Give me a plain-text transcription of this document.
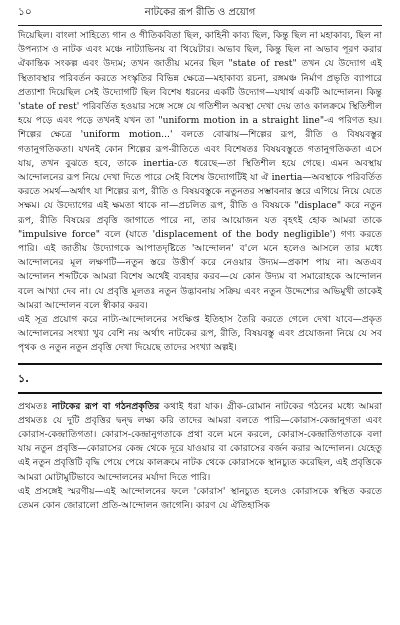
১০	নাটকের রূপ রীতি ও প্রয়োগ

দিয়েছিল। বাংলা সাহিত্যে গান ও গীতিকবিতা ছিল, কাহিনী কাব্য ছিল, কিন্তু ছিল না মহাকাব্য, ছিল না উপন্যাস ও নাটক এবং মঞ্চে নাট্যাভিনয় বা থিয়েটার। অভাব ছিল, কিন্তু ছিল না অভাব পূরণ করার ঐকান্তিক সংকল্প এবং উদ্যম; তখন জাতীয় মনের ছিল "state of rest" তখন যে উদ্যোগ এই স্থিতাবস্থার পরিবর্তন করতে সংস্কৃতির বিভিন্ন ক্ষেত্রে—মহাকাব্য রচনা, রঙ্গমঞ্চ নির্মাণ প্রভৃতি ব্যাপারে প্রত্যাশা দিয়েছিল সেই উদ্যোগটি ছিল বিশেষ ধরনের একটি উদ্যোগ—যথার্থ একটি আন্দোলন। কিন্তু 'state of rest' পরিবর্তিত হওয়ার সঙ্গে সঙ্গে যে গতিশীল অবস্থা দেখা দেয় তাও কালক্রমে স্থিতিশীল হয়ে পড়ে এবং পড়ে তখনই যখন তা "uniform motion in a straight line"-এ পরিণত হয়। শিল্পের ক্ষেত্রে 'uniform motion...' বলতে বোঝায়—শিল্পের রূপ, রীতি ও বিষয়বস্তুর গতানুগতিকতা। যখনই কোন শিল্পের রূপ-রীতিতে এবং বিশেষতঃ বিষয়বস্তুতে গতানুগতিকতা এসে যায়, তখন বুঝতে হবে, তাকে inertia-তে ধরেছে—তা স্থিতিশীল হয়ে গেছে। এমন অবস্থায় আন্দোলনের রূপ নিয়ে দেখা দিতে পারে সেই বিশেষ উদ্যোগটিই যা ঐ inertia—অবস্থাকে পরিবর্তিত করতে সমর্থ—অর্থাৎ যা শিল্পের রূপ, রীতি ও বিষয়বস্তুকে নতুনতর সম্ভাবনার স্তরে এগিয়ে নিয়ে যেতে সক্ষম। যে উদ্যোগের এই ক্ষমতা থাকে না—প্রচলিত রূপ, রীতি ও বিষয়কে "displace" করে নতুন রূপ, রীতি বিষয়ের প্রবৃত্তি জাগাতে পারে না, তার আয়োজন যত বৃহৎই হোক আমরা তাকে "impulsive force" বলে (যাতে 'displacement of the body negligible') গণ্য করতে পারি। এই জাতীয় উদ্যোগকে আপাতদৃষ্টিতে 'আন্দোলন' ব'লে মনে হলেও আসলে তার মধ্যে আন্দোলনের মূল লক্ষণটি—নতুন স্তরে উত্তীর্ণ করে নেওয়ার উদ্যম—প্রকাশ পায় না। অতএব আন্দোলন শব্দটিকে আমরা বিশেষ অর্থেই ব্যবহার করব—যে কোন উদ্যম বা সমারোহকে আন্দোলন বলে আখ্যা দেব না। যে প্রবৃত্তি মূলতঃ নতুন উদ্ভাবনায় সক্রিয় এবং নতুন উদ্দেশ্যের অভিমুখী তাকেই আমরা আন্দোলন বলে স্বীকার করব।

এই সূত্র প্রয়োগ করে নাট্য-আন্দোলনের সংক্ষিপ্ত ইতিহাস তৈরি করতে গেলে দেখা যাবে—প্রকৃত আন্দোলনের সংখ্যা খুব বেশি নয় অর্থাৎ নাটকের রূপ, রীতি, বিষয়বস্তু এবং প্রযোজনা নিয়ে যে সব পৃথক ও নতুন নতুন প্রবৃত্তি দেখা দিয়েছে তাদের সংখ্যা অল্পই।

১.

প্রথমতঃ নাটকের রূপ বা গঠনপ্রকৃতির কথাই ধরা যাক। গ্রীক-রোমান নাটকের গঠনের মধ্যে আমরা প্রথমতঃ যে দুটি প্রবৃত্তির দ্বন্দ্ব লক্ষ্য করি তাদের আমরা বলতে পারি—কোরাস-কেন্দ্রানুগতা এবং কোরাস-কেন্দ্রাতিগতা। কোরাস-কেন্দ্রানুগতাকে প্রথা বলে মনে করলে, কোরাস-কেন্দ্রাতিগতাকে বলা যায় নতুন প্রবৃত্তি—কোরাসের কেন্দ্র থেকে দূরে যাওয়ার বা কোরাসের বর্জন করার আন্দোলন। যেহেতু এই নতুন প্রবৃত্তিটি বৃদ্ধি পেয়ে পেয়ে কালক্রমে নাটক থেকে কোরাসকে স্থানচ্যুত করেছিল, এই প্রবৃত্তিকে আমরা মোটামুটিভাবে আন্দোলনের মর্যাদা দিতে পারি।

এই প্রসঙ্গেই স্মরণীয়—এই আন্দোলনের ফলে 'কোরাস' স্থানচ্যুত হলেও কোরাসকে স্বস্থিত করতে তেমন কোন জোরালো প্রতি-আন্দোলন জাগেনি। কারণ যে ঐতিহাসিক
